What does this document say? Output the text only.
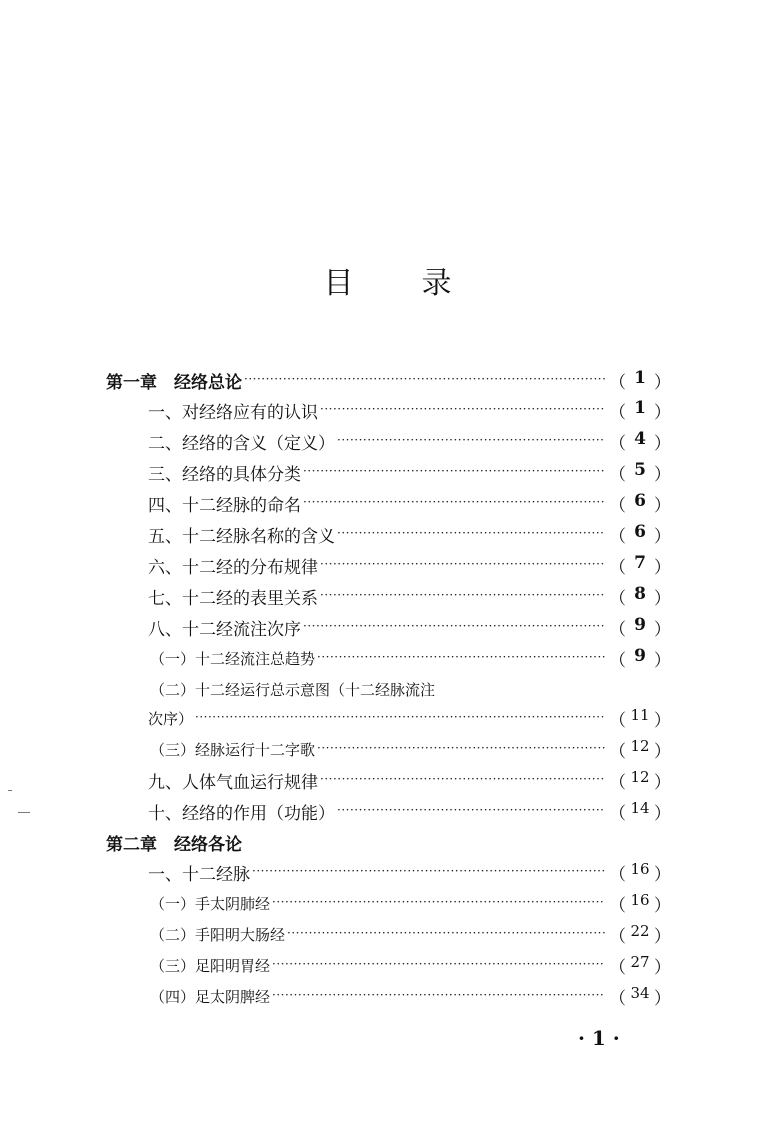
目 录
第一章　经络总论 ·····	（ 1 ）
一、对经络应有的认识 ·····	（ 1 ）
二、经络的含义（定义） ·····	（ 4 ）
三、经络的具体分类 ·····	（ 5 ）
四、十二经脉的命名 ·····	（ 6 ）
五、十二经脉名称的含义 ·····	（ 6 ）
六、十二经的分布规律 ·····	（ 7 ）
七、十二经的表里关系 ·····	（ 8 ）
八、十二经流注次序 ·····	（ 9 ）
（一）十二经流注总趋势 ·····	（ 9 ）
（二）十二经运行总示意图（十二经脉流注
次序） ·····	（ 11 ）
（三）经脉运行十二字歌 ·····	（ 12 ）
九、人体气血运行规律 ·····	（ 12 ）
十、经络的作用（功能） ·····	（ 14 ）
第二章　经络各论
一、十二经脉 ·····	（ 16 ）
（一）手太阴肺经 ·····	（ 16 ）
（二）手阳明大肠经 ·····	（ 22 ）
（三）足阳明胃经 ·····	（ 27 ）
（四）足太阴脾经 ·····	（ 34 ）
· 1 ·
